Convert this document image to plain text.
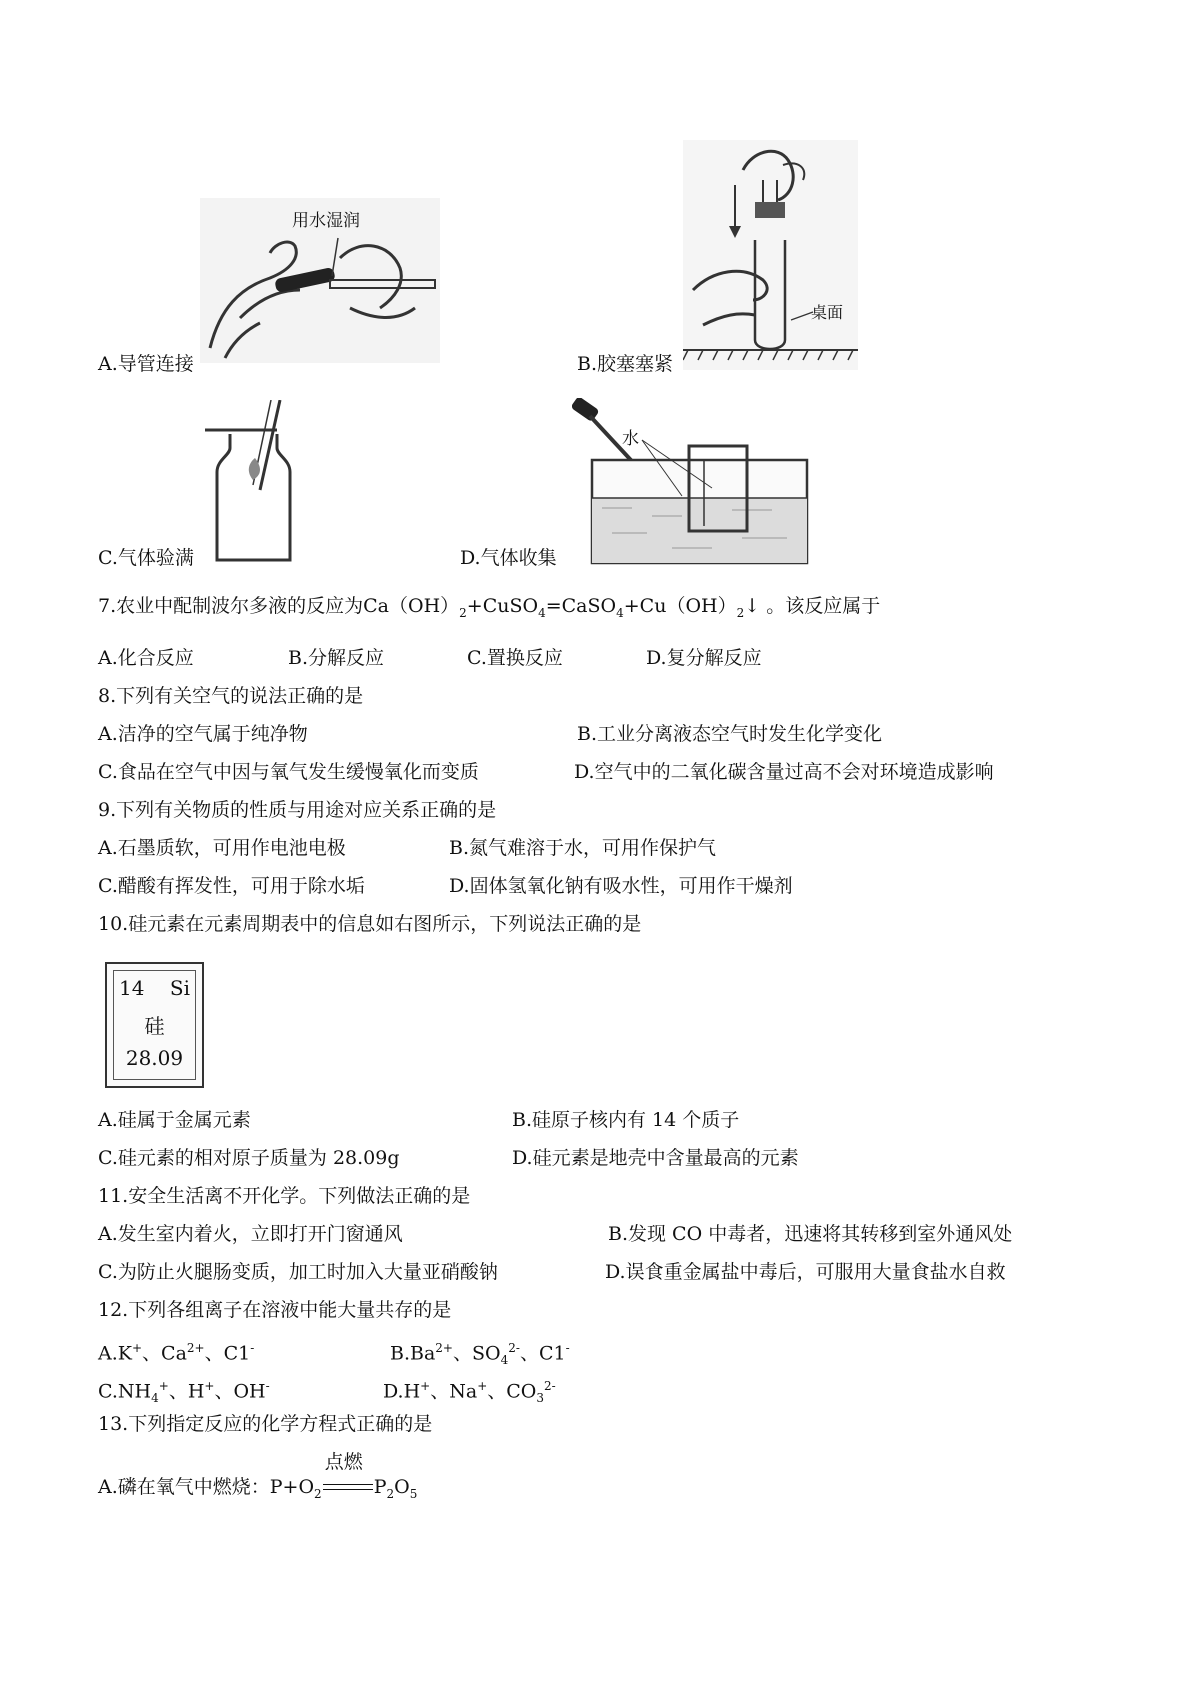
用水湿润
A.导管连接
桌面
B.胶塞塞紧
C.气体验满
水
D.气体收集
7.农业中配制波尔多液的反应为$Ca(OH)_2+CuSO_4=CaSO_4+Cu(OH)_2↓$ 。该反应属于
A.化合反应	B.分解反应	C.置换反应	D.复分解反应
8.下列有关空气的说法正确的是
A.洁净的空气属于纯净物	B.工业分离液态空气时发生化学变化
C.食品在空气中因与氧气发生缓慢氧化而变质	D.空气中的二氧化碳含量过高不会对环境造成影响
9.下列有关物质的性质与用途对应关系正确的是
A.石墨质软，可用作电池电极	B.氮气难溶于水，可用作保护气
C.醋酸有挥发性，可用于除水垢	D.固体氢氧化钠有吸水性，可用作干燥剂
10.硅元素在元素周期表中的信息如右图所示，下列说法正确的是
14 Si
硅
28.09
A.硅属于金属元素	B.硅原子核内有 14 个质子
C.硅元素的相对原子质量为 28.09g	D.硅元素是地壳中含量最高的元素
11.安全生活离不开化学。下列做法正确的是
A.发生室内着火，立即打开门窗通风	B.发现 CO 中毒者，迅速将其转移到室外通风处
C.为防止火腿肠变质，加工时加入大量亚硝酸钠	D.误食重金属盐中毒后，可服用大量食盐水自救
12.下列各组离子在溶液中能大量共存的是
A.K+、$Ca^{2+}$、C1-	$B.Ba^{2+}$、$SO_4^{2-}$、C1-
$C.NH_4^+$、H+、OH-	D.H+、Na+、$CO_3^{2-}$
13.下列指定反应的化学方程式正确的是
A.磷在氧气中燃烧：$P+O_2$
点燃
$P_2O_5$
